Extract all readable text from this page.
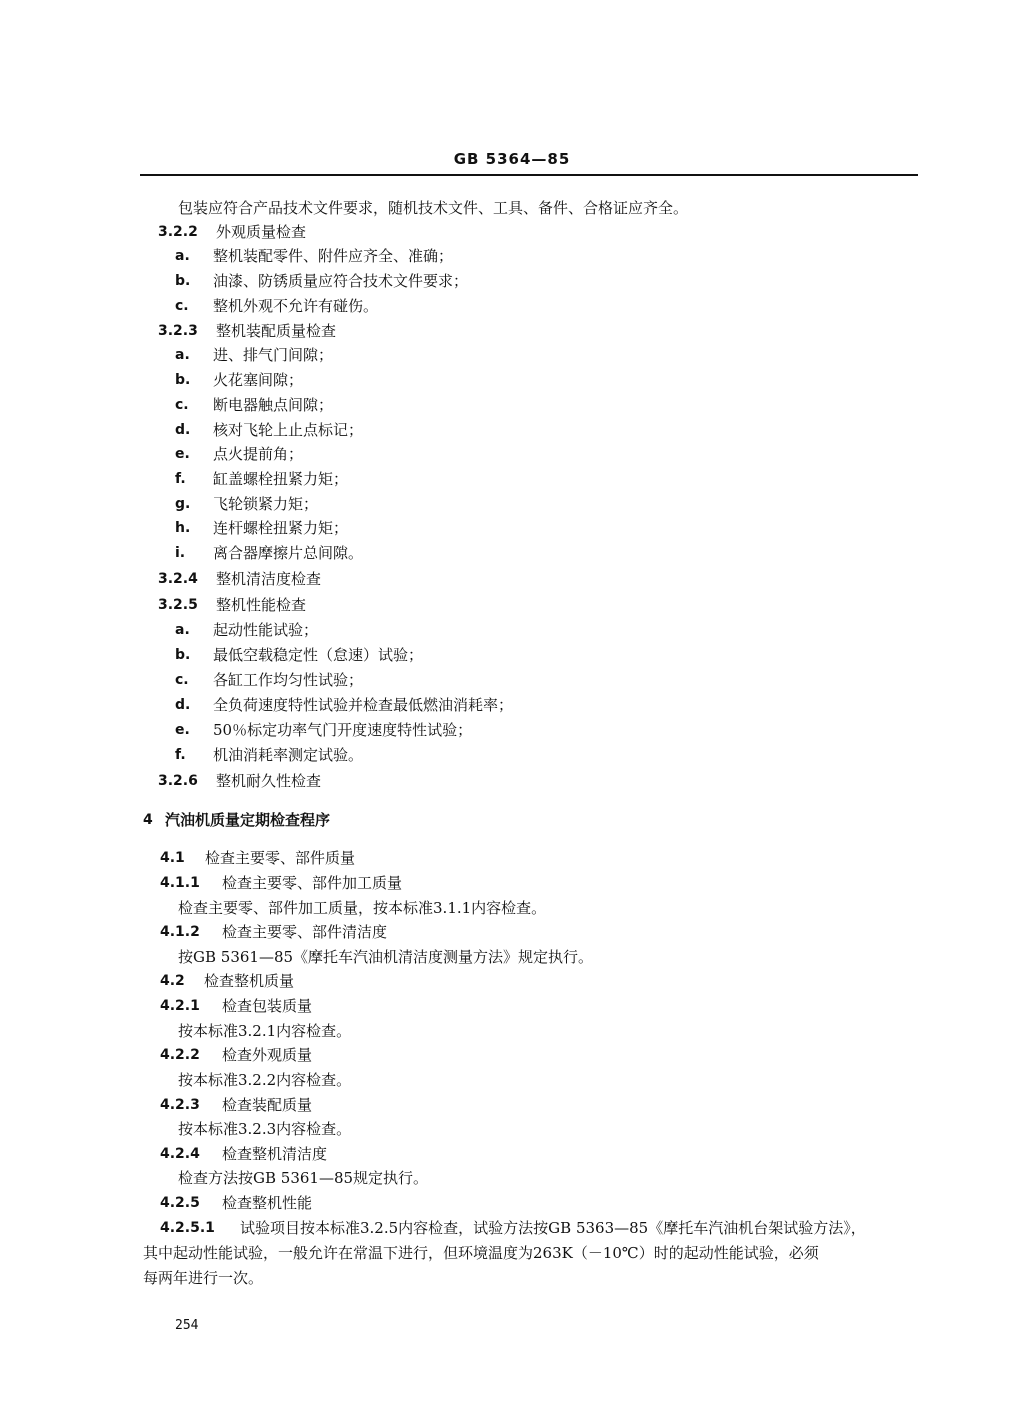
GB 5364—85
包装应符合产品技术文件要求，随机技术文件、工具、备件、合格证应齐全。
3.2.2 外观质量检查
a. 整机装配零件、附件应齐全、准确；
b. 油漆、防锈质量应符合技术文件要求；
c. 整机外观不允许有碰伤。
3.2.3 整机装配质量检查
a. 进、排气门间隙；
b. 火花塞间隙；
c. 断电器触点间隙；
d. 核对飞轮上止点标记；
e. 点火提前角；
f. 缸盖螺栓扭紧力矩；
g. 飞轮锁紧力矩；
h. 连杆螺栓扭紧力矩；
i. 离合器摩擦片总间隙。
3.2.4 整机清洁度检查
3.2.5 整机性能检查
a. 起动性能试验；
b. 最低空载稳定性（怠速）试验；
c. 各缸工作均匀性试验；
d. 全负荷速度特性试验并检查最低燃油消耗率；
e. 50％标定功率气门开度速度特性试验；
f. 机油消耗率测定试验。
3.2.6 整机耐久性检查
4 汽油机质量定期检查程序
4.1 检查主要零、部件质量
4.1.1 检查主要零、部件加工质量
检查主要零、部件加工质量，按本标准3.1.1内容检查。
4.1.2 检查主要零、部件清洁度
按GB 5361—85《摩托车汽油机清洁度测量方法》规定执行。
4.2 检查整机质量
4.2.1 检查包装质量
按本标准3.2.1内容检查。
4.2.2 检查外观质量
按本标准3.2.2内容检查。
4.2.3 检查装配质量
按本标准3.2.3内容检查。
4.2.4 检查整机清洁度
检查方法按GB 5361—85规定执行。
4.2.5 检查整机性能
4.2.5.1 试验项目按本标准3.2.5内容检查，试验方法按GB 5363—85《摩托车汽油机台架试验方法》，
其中起动性能试验，一般允许在常温下进行，但环境温度为263K（－10℃）时的起动性能试验，必须
每两年进行一次。
254
